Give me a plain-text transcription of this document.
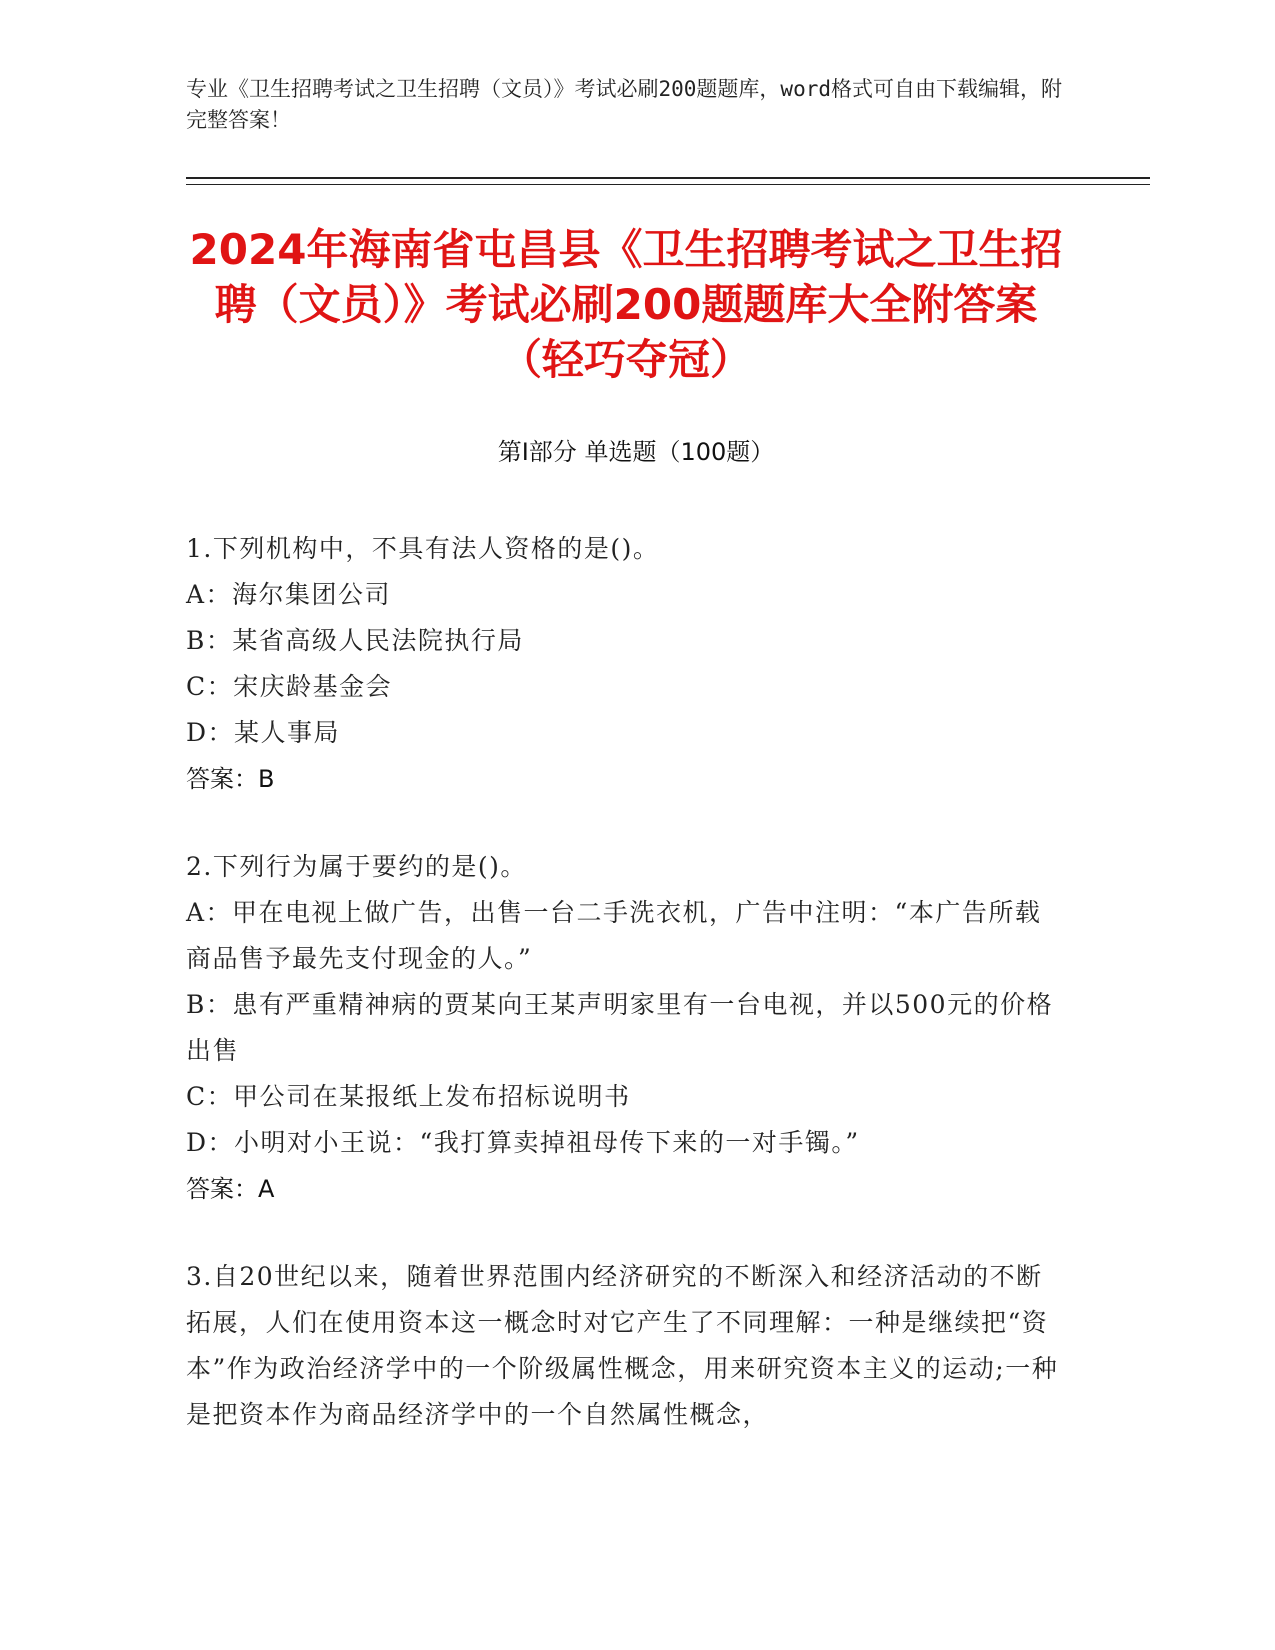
专业《卫生招聘考试之卫生招聘（文员）》考试必刷200题题库，word格式可自由下载编辑，附完整答案！
2024年海南省屯昌县《卫生招聘考试之卫生招聘（文员）》考试必刷200题题库大全附答案（轻巧夺冠）
第Ⅰ部分 单选题（100题）
1.下列机构中，不具有法人资格的是()。
A：海尔集团公司
B：某省高级人民法院执行局
C：宋庆龄基金会
D：某人事局
答案：B
2.下列行为属于要约的是()。
A：甲在电视上做广告，出售一台二手洗衣机，广告中注明：“本广告所载商品售予最先支付现金的人。”
B：患有严重精神病的贾某向王某声明家里有一台电视，并以500元的价格出售
C：甲公司在某报纸上发布招标说明书
D：小明对小王说：“我打算卖掉祖母传下来的一对手镯。”
答案：A
3.自20世纪以来，随着世界范围内经济研究的不断深入和经济活动的不断拓展，人们在使用资本这一概念时对它产生了不同理解：一种是继续把“资本”作为政治经济学中的一个阶级属性概念，用来研究资本主义的运动;一种是把资本作为商品经济学中的一个自然属性概念，
